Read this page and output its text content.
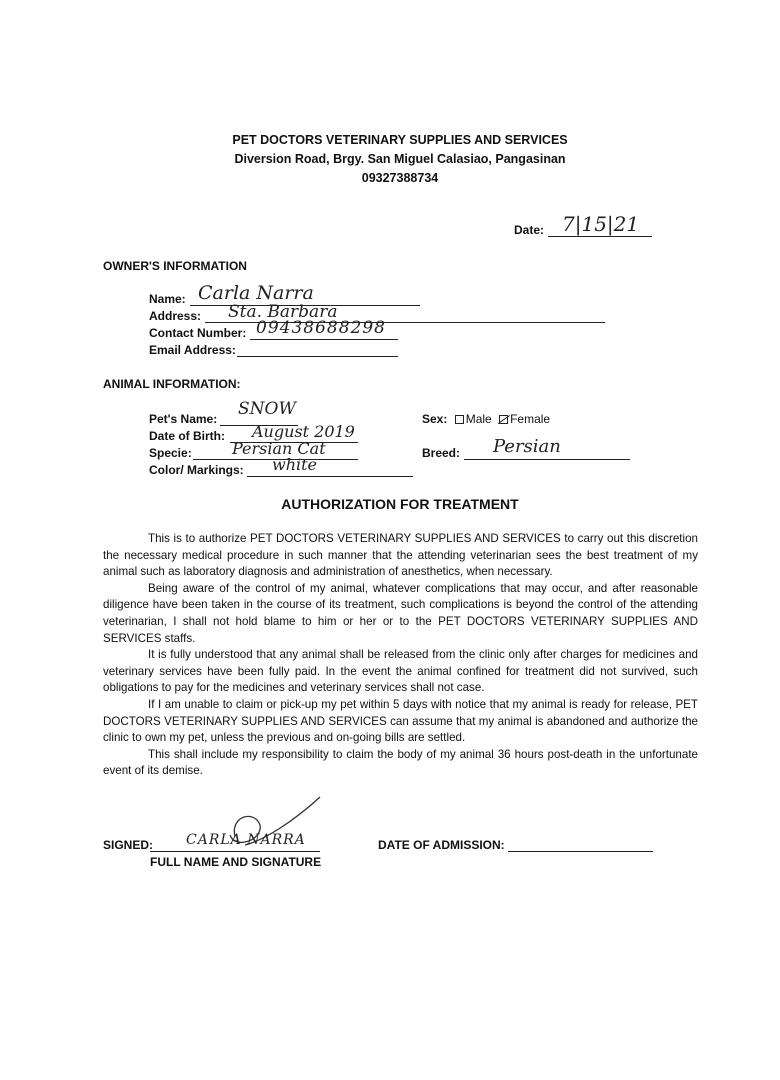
PET DOCTORS VETERINARY SUPPLIES AND SERVICES
Diversion Road, Brgy. San Miguel Calasiao, Pangasinan
09327388734
Date: 7|15|21
OWNER'S INFORMATION
Name: Carla Narra
Address: Sta. Barbara
Contact Number: 09438688298
Email Address:
ANIMAL INFORMATION:
Pet's Name: SNOW
Date of Birth: August 2019
Specie:	Persian Cat
Color/ Markings: white
Sex: Male Female
Breed: Persian
AUTHORIZATION FOR TREATMENT

This is to authorize PET DOCTORS VETERINARY SUPPLIES AND SERVICES to carry out this discretion the necessary medical procedure in such manner that the attending veterinarian sees the best treatment of my animal such as laboratory diagnosis and administration of anesthetics, when necessary.

Being aware of the control of my animal, whatever complications that may occur, and after reasonable diligence have been taken in the course of its treatment, such complications is beyond the control of the attending veterinarian, I shall not hold blame to him or her or to the PET DOCTORS VETERINARY SUPPLIES AND SERVICES staffs.

It is fully understood that any animal shall be released from the clinic only after charges for medicines and veterinary services have been fully paid. In the event the animal confined for treatment did not survived, such obligations to pay for the medicines and veterinary services shall not case.

If I am unable to claim or pick-up my pet within 5 days with notice that my animal is ready for release, PET DOCTORS VETERINARY SUPPLIES AND SERVICES can assume that my animal is abandoned and authorize the clinic to own my pet, unless the previous and on-going bills are settled.

This shall include my responsibility to claim the body of my animal 36 hours post-death in the unfortunate event of its demise.

SIGNED: CARLA NARRA
FULL NAME AND SIGNATURE
DATE OF ADMISSION:
